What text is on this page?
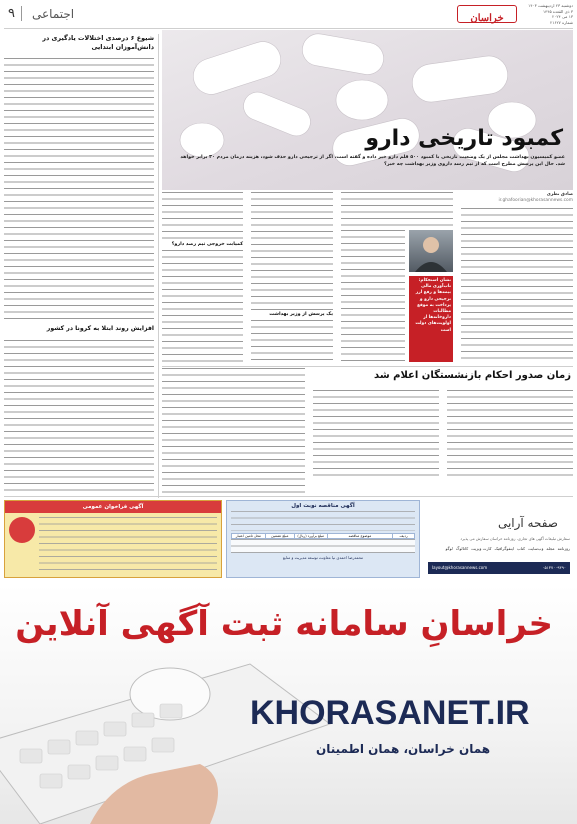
خراسان
دوشنبه ۲۳ اردیبهشت ۱۴۰۳
۳ ذی القعده ۱۴۴۵
۱۳ می ۲۰۲۴
شماره ۲۱۶۲۷
اجتماعی
۹
شیوع ۶ درصدی اختلالات یادگیری در دانش‌آموزان ابتدایی
افزایش روند ابتلا به کرونا در کشور
کمبود تاریخی دارو
عضو کمیسیون بهداشت مجلس از یک وضعیت تاریخی با کمبود ۵۰۰ قلم دارو خبر داده و گفته است، اگر از ترجیحی دارو حذف شود، هزینه درمان مردم ۳۰ برابر خواهد شد. حال این پرسش مطرح است که از تیم رسد داروی وزیر بهداشت چه خبر؟
صادق نظری
ir.ghafoorian@khorasannews.com
نشان استحکام: تاب‌آوری مالی بیمه‌ها و رفع ارز ترجیحی دارو و پرداخت به موقع مطالبات داروخانه‌ها از اولویت‌های دولت است
یک پرسش از وزیر بهداشت
کمیابت خروجی تیم رصد دارو؟
زمان صدور احکام بازنشستگان اعلام شد
صفحه آرایی
سفارش تبلیغات آگهی های تجاری، روزنامه خراسان سفارش می پذیرد
روزنامه
مجله
وب‌سایت
کتاب
اینفوگرافیک
کارت ویزیت
کاتالوگ
لوگو
۰۵۱۳۷۰۰۹۳۹۰
layout@khorasannews.com
آگهی مناقصه نوبت اول
ردیف
موضوع مناقصه
مبلغ برآورد (ریال)
مبلغ تضمین
محل تامین اعتبار
محمدرضا احمدی نیا معاونت توسعه مدیریت و منابع
آگهی فراخوان عمومی
خراسانِ سامانه ثبت آگهی آنلاین
KHORASANET.IR
همان خراسان، همان اطمینان
